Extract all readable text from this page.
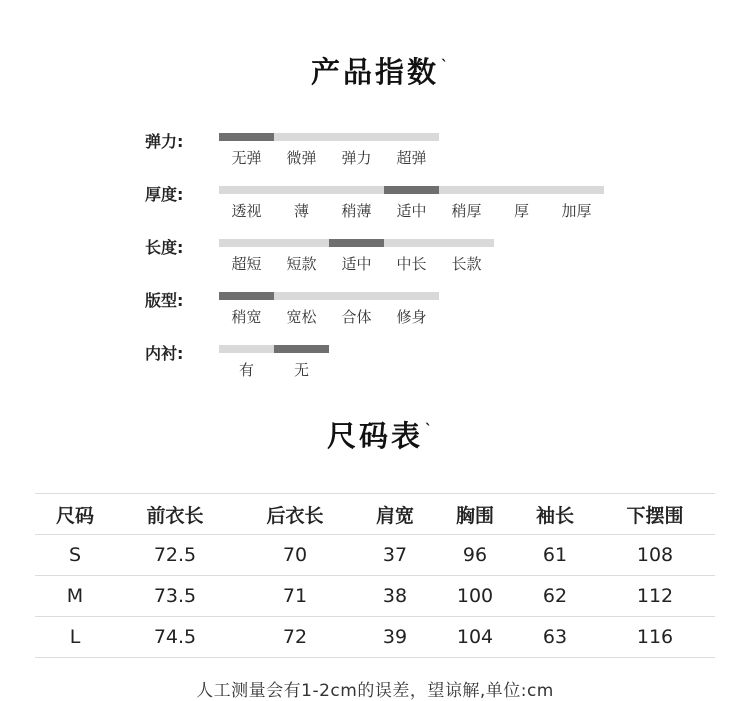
产品指数
ˎ
弹力:
无弹	微弹	弹力	超弹
厚度:
透视	薄	稍薄	适中	稍厚	厚	加厚
长度:
超短	短款	适中	中长	长款
版型:
稍宽	宽松	合体	修身
内衬:
有	无
尺码表
ˎ
尺码	前衣长	后衣长	肩宽	胸围	袖长	下摆围
S	72.5	70	37	96	61	108
M	73.5	71	38	100	62	112
L	74.5	72	39	104	63	116
人工测量会有1-2cm的误差，望谅解,单位:cm
